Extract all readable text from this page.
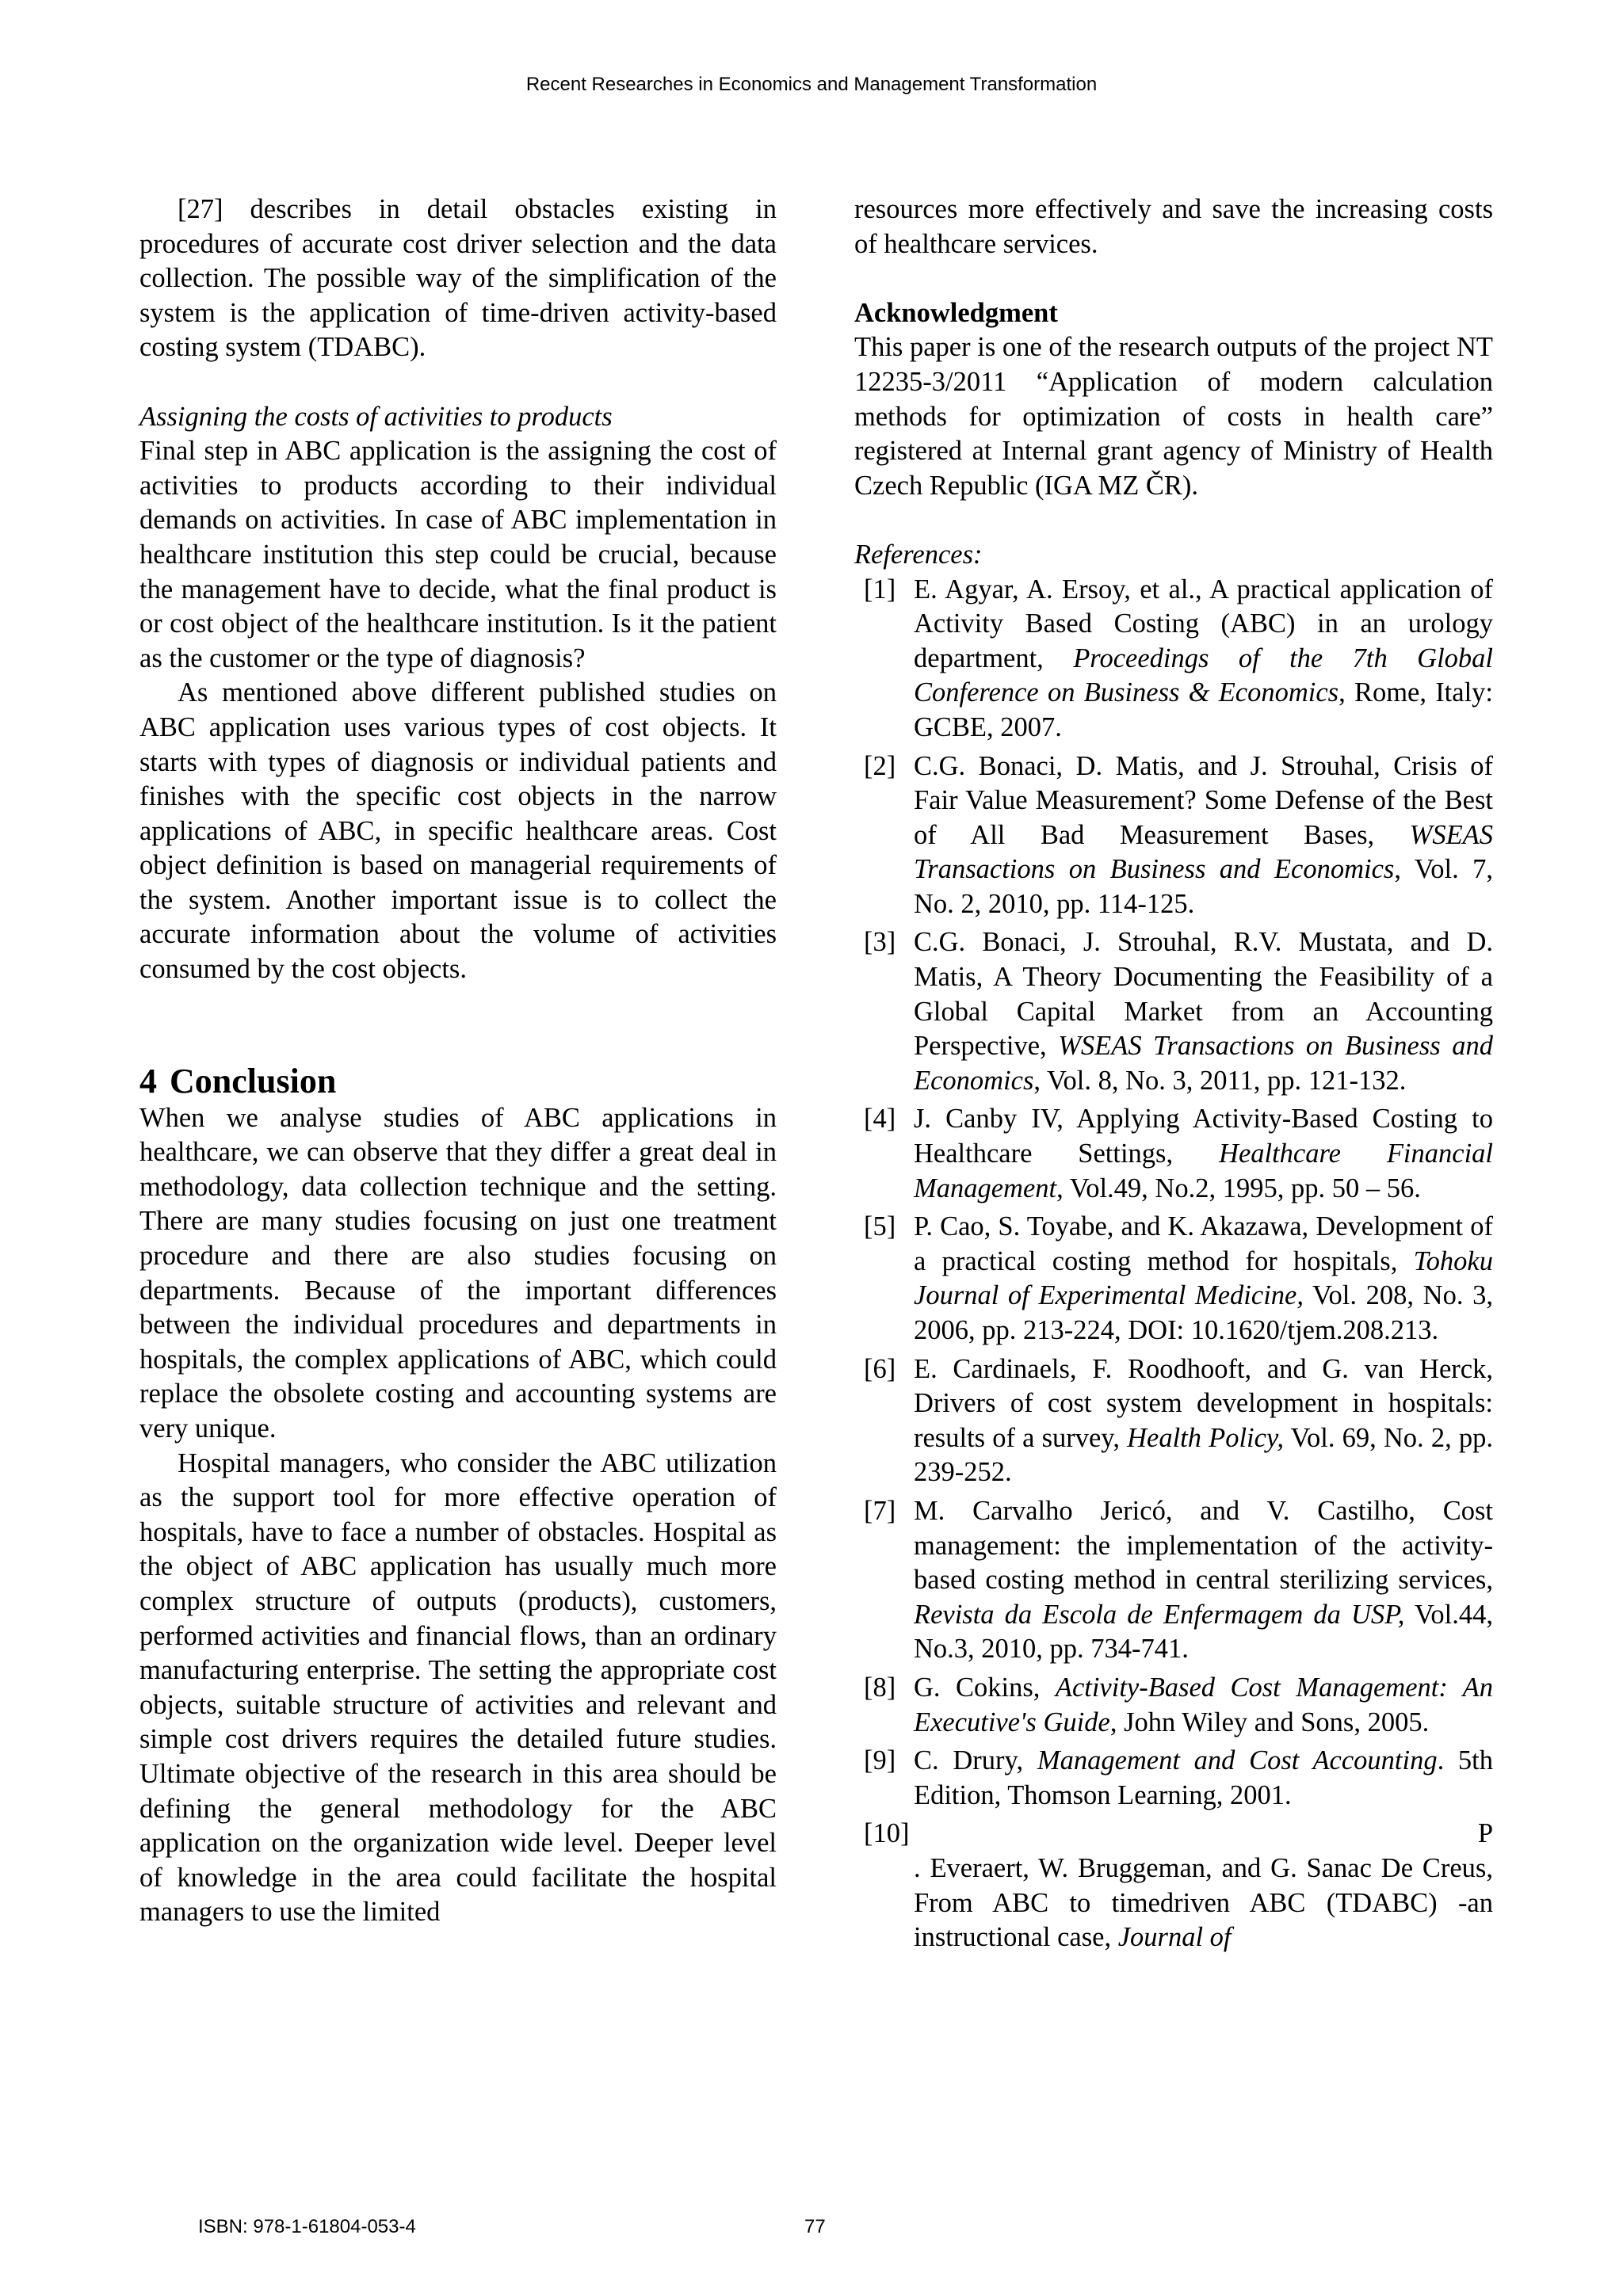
Recent Researches in Economics and Management Transformation

[27] describes in detail obstacles existing in procedures of accurate cost driver selection and the data collection. The possible way of the simplification of the system is the application of time-driven activity-based costing system (TDABC).

Assigning the costs of activities to products

Final step in ABC application is the assigning the cost of activities to products according to their individual demands on activities. In case of ABC implementation in healthcare institution this step could be crucial, because the management have to decide, what the final product is or cost object of the healthcare institution. Is it the patient as the customer or the type of diagnosis?

As mentioned above different published studies on ABC application uses various types of cost objects. It starts with types of diagnosis or individual patients and finishes with the specific cost objects in the narrow applications of ABC, in specific healthcare areas. Cost object definition is based on managerial requirements of the system. Another important issue is to collect the accurate information about the volume of activities consumed by the cost objects.

4 Conclusion

When we analyse studies of ABC applications in healthcare, we can observe that they differ a great deal in methodology, data collection technique and the setting. There are many studies focusing on just one treatment procedure and there are also studies focusing on departments. Because of the important differences between the individual procedures and departments in hospitals, the complex applications of ABC, which could replace the obsolete costing and accounting systems are very unique.

Hospital managers, who consider the ABC utilization as the support tool for more effective operation of hospitals, have to face a number of obstacles. Hospital as the object of ABC application has usually much more complex structure of outputs (products), customers, performed activities and financial flows, than an ordinary manufacturing enterprise. The setting the appropriate cost objects, suitable structure of activities and relevant and simple cost drivers requires the detailed future studies. Ultimate objective of the research in this area should be defining the general methodology for the ABC application on the organization wide level. Deeper level of knowledge in the area could facilitate the hospital managers to use the limited

resources more effectively and save the increasing costs of healthcare services.

Acknowledgment

This paper is one of the research outputs of the project NT 12235-3/2011 “Application of modern calculation methods for optimization of costs in health care” registered at Internal grant agency of Ministry of Health Czech Republic (IGA MZ ČR).

References:

[1] E. Agyar, A. Ersoy, et al., A practical application of Activity Based Costing (ABC) in an urology department, Proceedings of the 7th Global Conference on Business & Economics, Rome, Italy: GCBE, 2007.
[2] C.G. Bonaci, D. Matis, and J. Strouhal, Crisis of Fair Value Measurement? Some Defense of the Best of All Bad Measurement Bases, WSEAS Transactions on Business and Economics, Vol. 7, No. 2, 2010, pp. 114-125.
[3] C.G. Bonaci, J. Strouhal, R.V. Mustata, and D. Matis, A Theory Documenting the Feasibility of a Global Capital Market from an Accounting Perspective, WSEAS Transactions on Business and Economics, Vol. 8, No. 3, 2011, pp. 121-132.
[4] J. Canby IV, Applying Activity-Based Costing to Healthcare Settings, Healthcare Financial Management, Vol.49, No.2, 1995, pp. 50 – 56.
[5] P. Cao, S. Toyabe, and K. Akazawa, Development of a practical costing method for hospitals, Tohoku Journal of Experimental Medicine, Vol. 208, No. 3, 2006, pp. 213-224, DOI: 10.1620/tjem.208.213.
[6] E. Cardinaels, F. Roodhooft, and G. van Herck, Drivers of cost system development in hospitals: results of a survey, Health Policy, Vol. 69, No. 2, pp. 239-252.
[7] M. Carvalho Jericó, and V. Castilho, Cost management: the implementation of the activity-based costing method in central sterilizing services, Revista da Escola de Enfermagem da USP, Vol.44, No.3, 2010, pp. 734-741.
[8] G. Cokins, Activity-Based Cost Management: An Executive's Guide, John Wiley and Sons, 2005.
[9] C. Drury, Management and Cost Accounting. 5th Edition, Thomson Learning, 2001.
[10]	P
. Everaert, W. Bruggeman, and G. Sanac De Creus, From ABC to timedriven ABC (TDABC) -an instructional case, Journal of
ISBN: 978-1-61804-053-4	77
